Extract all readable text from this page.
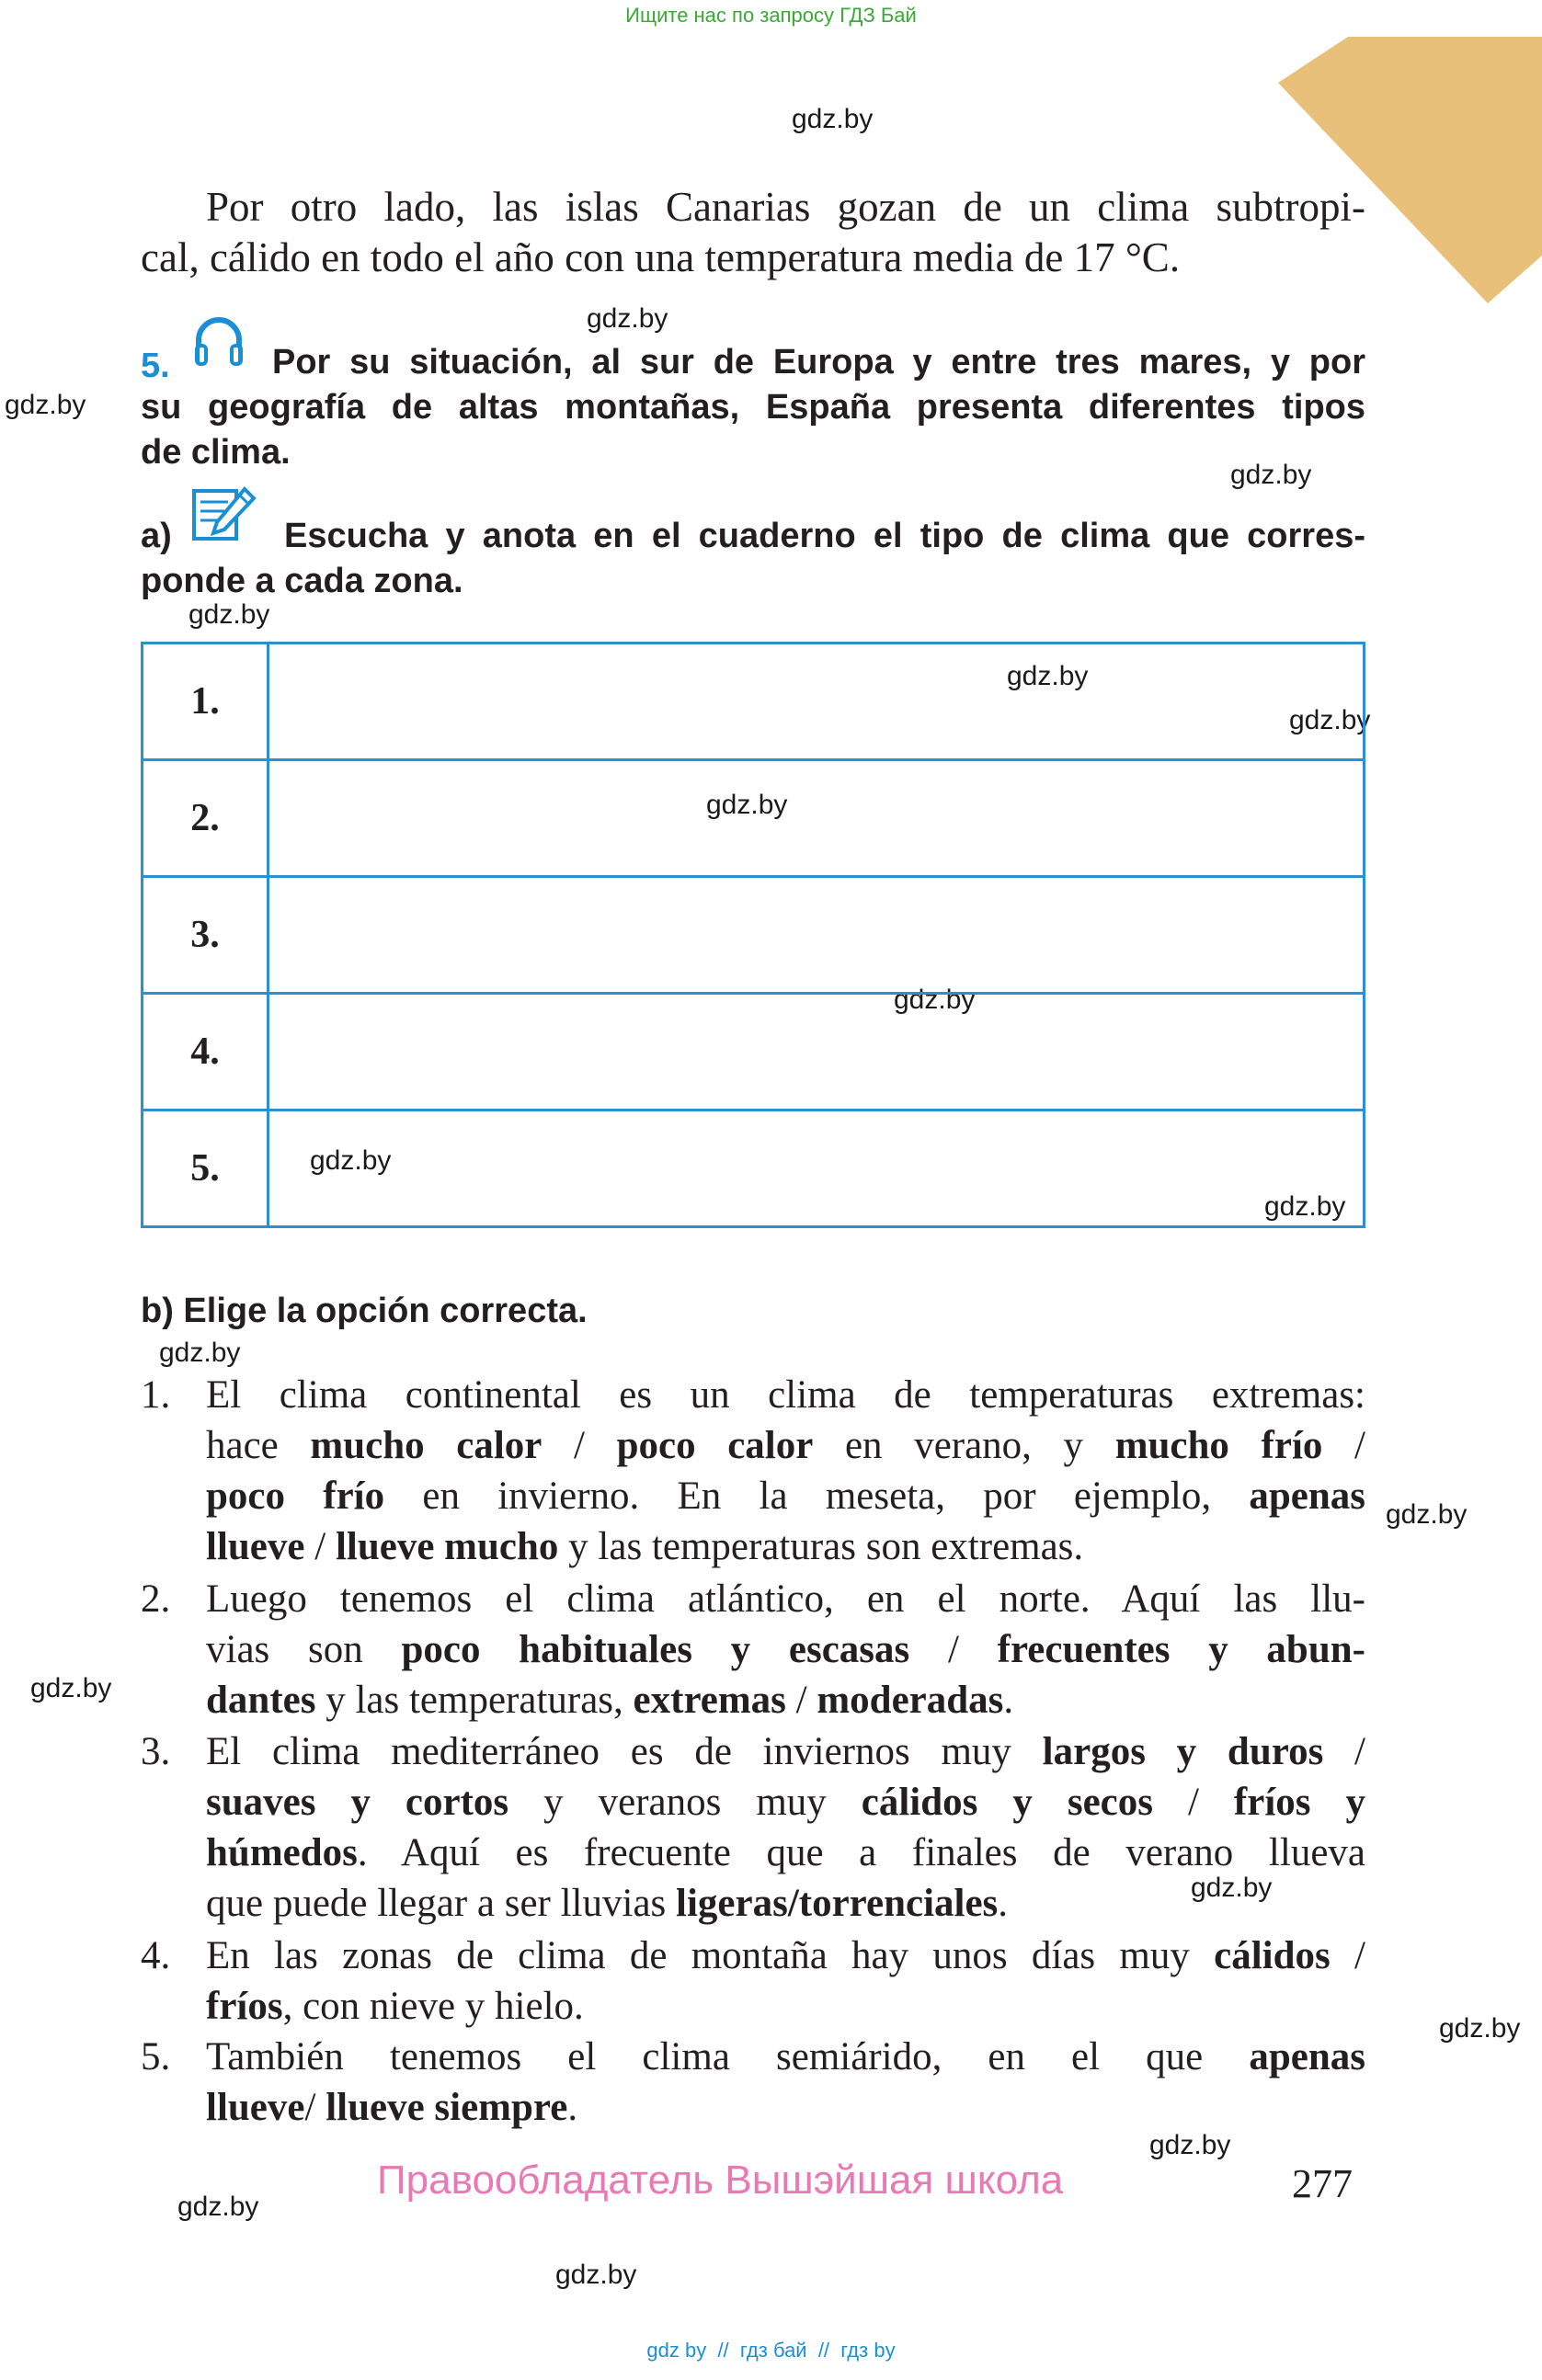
Ищите нас по запросу ГДЗ Бай
gdz.by
gdz.by
gdz.by
gdz.by
gdz.by
gdz.by
gdz.by
gdz.by
gdz.by
gdz.by
gdz.by
gdz.by
gdz.by
gdz.by
gdz.by
gdz.by
gdz.by
gdz.by
gdz.by
Por otro lado, las islas Canarias gozan de un clima subtropi-
cal, cálido en todo el año con una temperatura media de 17 °C.
5.	Por su situación, al sur de Europa y entre tres mares, y por
su geografía de altas montañas, España presenta diferentes tipos
de clima.
a)	Escucha y anota en el cuaderno el tipo de clima que corres-
ponde a cada zona.
1.	
2.	
3.	
4.	
5.	
b) Elige la opción correcta.
1. El clima continental es un clima de temperaturas extremas:
hace mucho calor / poco calor en verano, y mucho frío /
poco frío en invierno. En la meseta, por ejemplo, apenas
llueve / llueve mucho y las temperaturas son extremas.
2. Luego tenemos el clima atlántico, en el norte. Aquí las llu-
vias son poco habituales y escasas / frecuentes y abun-
dantes y las temperaturas, extremas / moderadas.
3. El clima mediterráneo es de inviernos muy largos y duros /
suaves y cortos y veranos muy cálidos y secos / fríos y
húmedos. Aquí es frecuente que a finales de verano llueva
que puede llegar a ser lluvias ligeras/torrenciales.
4. En las zonas de clima de montaña hay unos días muy cálidos /
fríos, con nieve y hielo.
5. También tenemos el clima semiárido, en el que apenas
llueve/ llueve siempre.
Правообладатель Вышэйшая школа	277
gdz by  //  гдз бай  //  гдз by
